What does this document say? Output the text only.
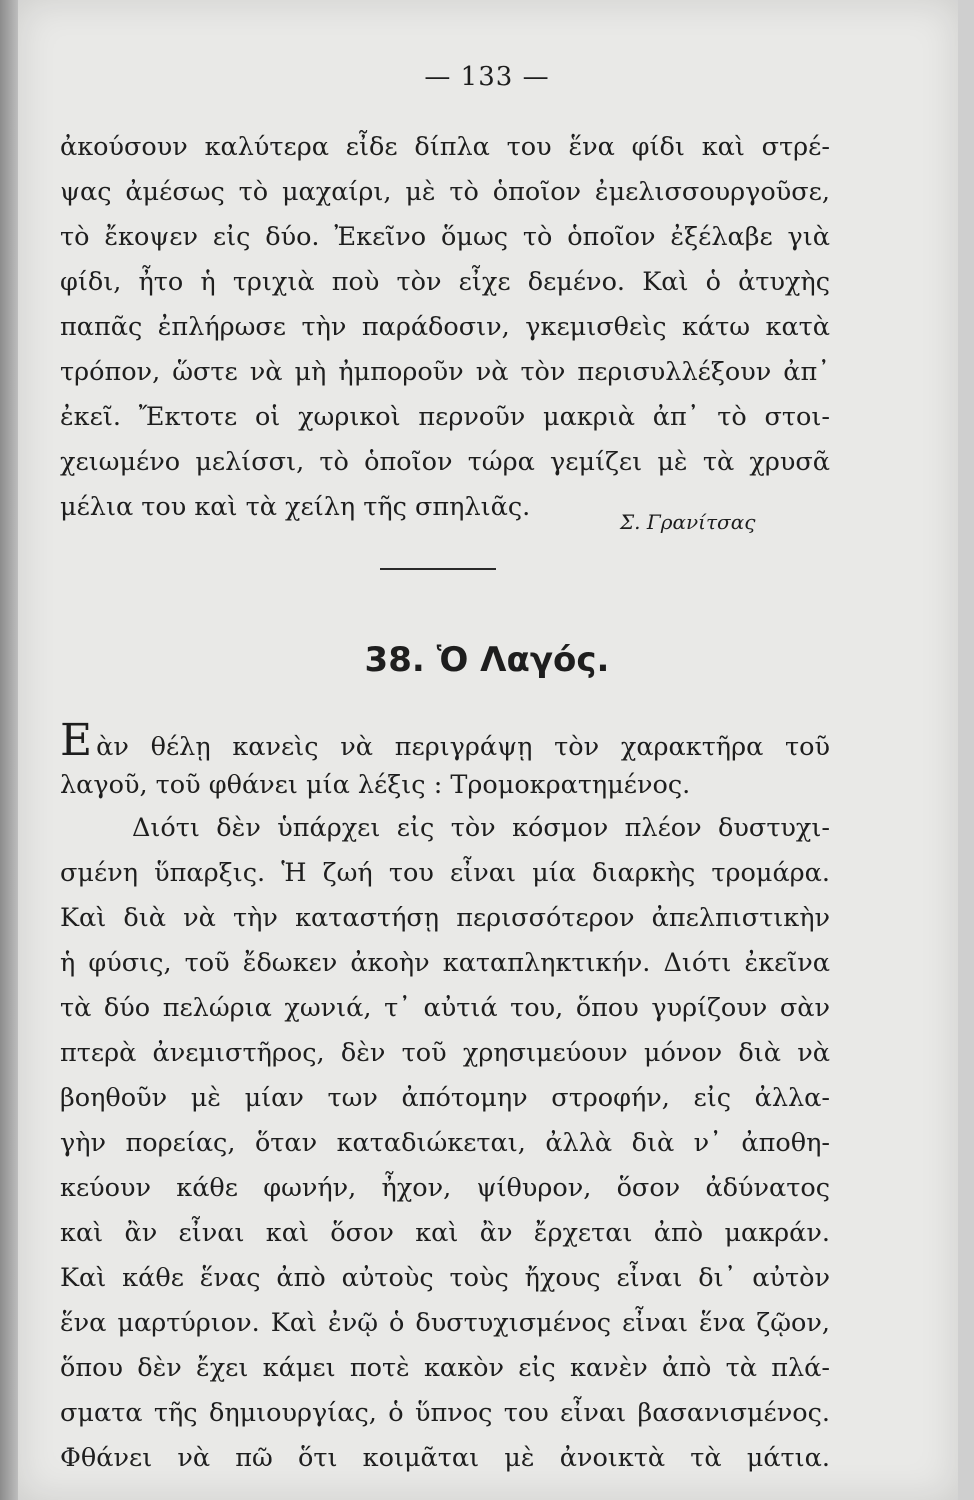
— 133 —
ἀκούσουν καλύτερα εἶδε δίπλα του ἕνα φίδι καὶ στρέ-
ψας ἀμέσως τὸ μαχαίρι, μὲ τὸ ὁποῖον ἐμελισσουργοῦσε,
τὸ ἔκοψεν εἰς δύο. Ἐκεῖνο ὅμως τὸ ὁποῖον ἐξέλαβε γιὰ
φίδι, ἦτο ἡ τριχιὰ ποὺ τὸν εἶχε δεμένο. Καὶ ὁ ἀτυχὴς
παπᾶς ἐπλήρωσε τὴν παράδοσιν, γκεμισθεὶς κάτω κατὰ
τρόπον, ὥστε νὰ μὴ ἠμποροῦν νὰ τὸν περισυλλέξουν ἀπ᾿
ἐκεῖ. Ἔκτοτε οἱ χωρικοὶ περνοῦν μακριὰ ἀπ᾿ τὸ στοι-
χειωμένο μελίσσι, τὸ ὁποῖον τώρα γεμίζει μὲ τὰ χρυσᾶ
μέλια του καὶ τὰ χείλη τῆς σπηλιᾶς.	Σ. Γρανίτσας
38. Ὁ Λαγός.
Εὰν θέλῃ κανεὶς νὰ περιγράψῃ τὸν χαρακτῆρα τοῦ
λαγοῦ, τοῦ φθάνει μία λέξις : Τρομοκρατημένος.
Διότι δὲν ὑπάρχει εἰς τὸν κόσμον πλέον δυστυχι-
σμένη ὕπαρξις. Ἡ ζωή του εἶναι μία διαρκὴς τρομάρα.
Καὶ διὰ νὰ τὴν καταστήσῃ περισσότερον ἀπελπιστικὴν
ἡ φύσις, τοῦ ἔδωκεν ἀκοὴν καταπληκτικήν. Διότι ἐκεῖνα
τὰ δύο πελώρια χωνιά, τ᾿ αὐτιά του, ὅπου γυρίζουν σὰν
πτερὰ ἀνεμιστῆρος, δὲν τοῦ χρησιμεύουν μόνον διὰ νὰ
βοηθοῦν μὲ μίαν των ἀπότομην στροφήν, εἰς ἀλλα-
γὴν πορείας, ὅταν καταδιώκεται, ἀλλὰ διὰ ν᾿ ἀποθη-
κεύουν κάθε φωνήν, ἦχον, ψίθυρον, ὅσον ἀδύνατος
καὶ ἂν εἶναι καὶ ὅσον καὶ ἂν ἔρχεται ἀπὸ μακράν.
Καὶ κάθε ἕνας ἀπὸ αὐτοὺς τοὺς ἤχους εἶναι δι᾿ αὐτὸν
ἕνα μαρτύριον. Καὶ ἐνῷ ὁ δυστυχισμένος εἶναι ἕνα ζῷον,
ὅπου δὲν ἔχει κάμει ποτὲ κακὸν εἰς κανὲν ἀπὸ τὰ πλά-
σματα τῆς δημιουργίας, ὁ ὕπνος του εἶναι βασανισμένος.
Φθάνει νὰ πῶ ὅτι κοιμᾶται μὲ ἀνοικτὰ τὰ μάτια.
